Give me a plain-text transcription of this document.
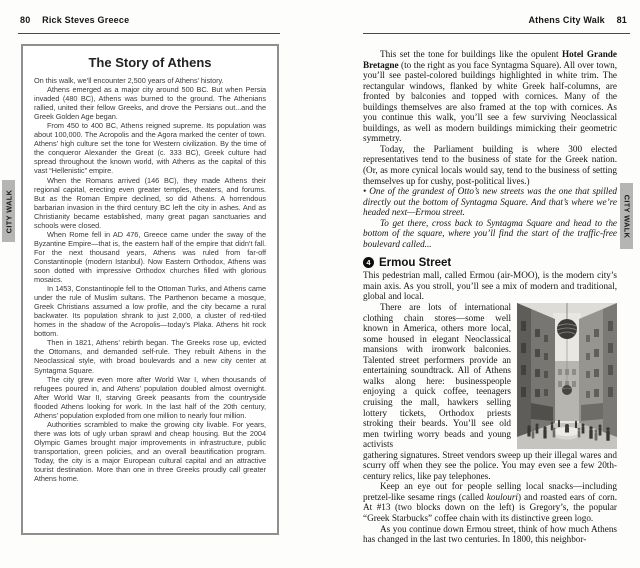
80 Rick Steves Greece
The Story of Athens

On this walk, we’ll encounter 2,500 years of Athens’ history.

Athens emerged as a major city around 500 BC. But when Persia invaded (480 BC), Athens was burned to the ground. The Athenians rallied, united their fellow Greeks, and drove the Persians out...and the Greek Golden Age began.

From 450 to 400 BC, Athens reigned supreme. Its population was about 100,000. The Acropolis and the Agora marked the center of town. Athens’ high culture set the tone for Western civilization. By the time of the conqueror Alexander the Great (c. 333 BC), Greek culture had spread throughout the known world, with Athens as the capital of this vast “Hellenistic” empire.

When the Romans arrived (146 BC), they made Athens their regional capital, erecting even greater temples, theaters, and forums. But as the Roman Empire declined, so did Athens. A horrendous barbarian invasion in the third century BC left the city in ashes. And as Christianity became established, many great pagan sanctuaries and schools were closed.

When Rome fell in AD 476, Greece came under the sway of the Byzantine Empire—that is, the eastern half of the empire that didn’t fall. For the next thousand years, Athens was ruled from far-off Constantinople (modern Istanbul). Now Eastern Orthodox, Athens was soon dotted with impressive Orthodox churches filled with glorious mosaics.

In 1453, Constantinople fell to the Ottoman Turks, and Athens came under the rule of Muslim sultans. The Parthenon became a mosque, Greek Christians assumed a low profile, and the city became a rural backwater. Its population shrank to just 2,000, a cluster of red-tiled homes in the shadow of the Acropolis—today’s Plaka. Athens hit rock bottom.

Then in 1821, Athens’ rebirth began. The Greeks rose up, evicted the Ottomans, and demanded self-rule. They rebuilt Athens in the Neoclassical style, with broad boulevards and a new city center at Syntagma Square.

The city grew even more after World War I, when thousands of refugees poured in, and Athens’ population doubled almost overnight. After World War II, starving Greek peasants from the countryside flooded Athens looking for work. In the last half of the 20th century, Athens’ population exploded from one million to nearly four million.

Authorities scrambled to make the growing city livable. For years, there was lots of ugly urban sprawl and cheap housing. But the 2004 Olympic Games brought major improvements in infrastructure, public transportation, green policies, and an overall beautification program. Today, the city is a major European cultural capital and an attractive tourist destination. More than one in three Greeks proudly call greater Athens home.

CITY WALK
Athens City Walk 81

This set the tone for buildings like the opulent Hotel Grande Bretagne (to the right as you face Syntagma Square). All over town, you’ll see pastel-colored buildings highlighted in white trim. The rectangular windows, flanked by white Greek half-columns, are fronted by balconies and topped with cornices. Many of the buildings themselves are also framed at the top with cornices. As you continue this walk, you’ll see a few surviving Neoclassical buildings, as well as modern buildings mimicking their geometric symmetry.

Today, the Parliament building is where 300 elected representatives tend to the business of state for the Greek nation. (Or, as more cynical locals would say, tend to the business of setting themselves up for cushy, post-political lives.)

• One of the grandest of Otto’s new streets was the one that spilled directly out the bottom of Syntagma Square. And that’s where we’re headed next—Ermou street.

To get there, cross back to Syntagma Square and head to the bottom of the square, where you’ll find the start of the traffic-free boulevard called...

4 Ermou Street

This pedestrian mall, called Ermou (air-MOO), is the modern city’s main axis. As you stroll, you’ll see a mix of modern and traditional, global and local.

There are lots of international clothing chain stores—some well known in America, others more local, some housed in elegant Neoclassical mansions with ironwork balconies. Talented street performers provide an entertaining soundtrack. All of Athens walks along here: businesspeople enjoying a quick coffee, teenagers cruising the mall, hawkers selling lottery tickets, Orthodox priests stroking their beards. You’ll see old men twirling worry beads and young activists

gathering signatures. Street vendors sweep up their illegal wares and scurry off when they see the police. You may even see a few 20th-century relics, like pay telephones.

Keep an eye out for people selling local snacks—including pretzel-like sesame rings (called koulouri) and roasted ears of corn. At #13 (two blocks down on the left) is Gregory’s, the popular “Greek Starbucks” coffee chain with its distinctive green logo.

As you continue down Ermou street, think of how much Athens has changed in the last two centuries. In 1800, this neighbor-

CITY WALK
